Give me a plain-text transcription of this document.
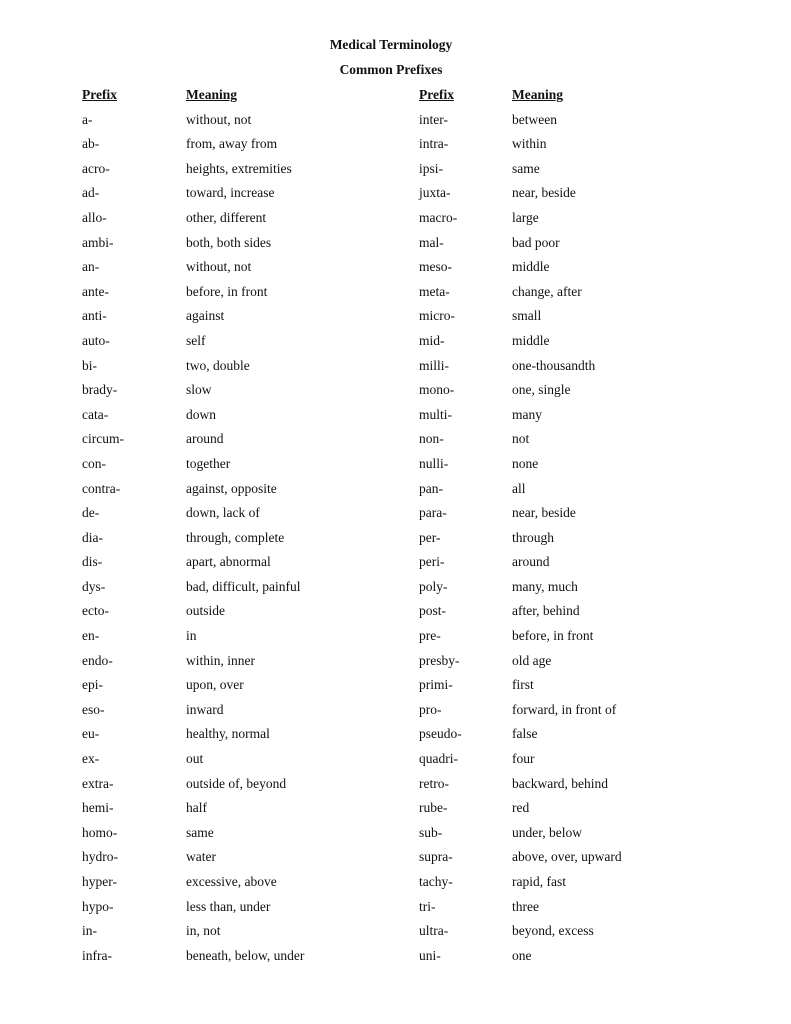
Medical Terminology
Common Prefixes
Prefix
a-
ab-
acro-
ad-
allo-
ambi-
an-
ante-
anti-
auto-
bi-
brady-
cata-
circum-
con-
contra-
de-
dia-
dis-
dys-
ecto-
en-
endo-
epi-
eso-
eu-
ex-
extra-
hemi-
homo-
hydro-
hyper-
hypo-
in-
infra-
Meaning
without, not
from, away from
heights, extremities
toward, increase
other, different
both, both sides
without, not
before, in front
against
self
two, double
slow
down
around
together
against, opposite
down, lack of
through, complete
apart, abnormal
bad, difficult, painful
outside
in
within, inner
upon, over
inward
healthy, normal
out
outside of, beyond
half
same
water
excessive, above
less than, under
in, not
beneath, below, under
Prefix
inter-
intra-
ipsi-
juxta-
macro-
mal-
meso-
meta-
micro-
mid-
milli-
mono-
multi-
non-
nulli-
pan-
para-
per-
peri-
poly-
post-
pre-
presby-
primi-
pro-
pseudo-
quadri-
retro-
rube-
sub-
supra-
tachy-
tri-
ultra-
uni-
Meaning
between
within
same
near, beside
large
bad poor
middle
change, after
small
middle
one-thousandth
one, single
many
not
none
all
near, beside
through
around
many, much
after, behind
before, in front
old age
first
forward, in front of
false
four
backward, behind
red
under, below
above, over, upward
rapid, fast
three
beyond, excess
one
